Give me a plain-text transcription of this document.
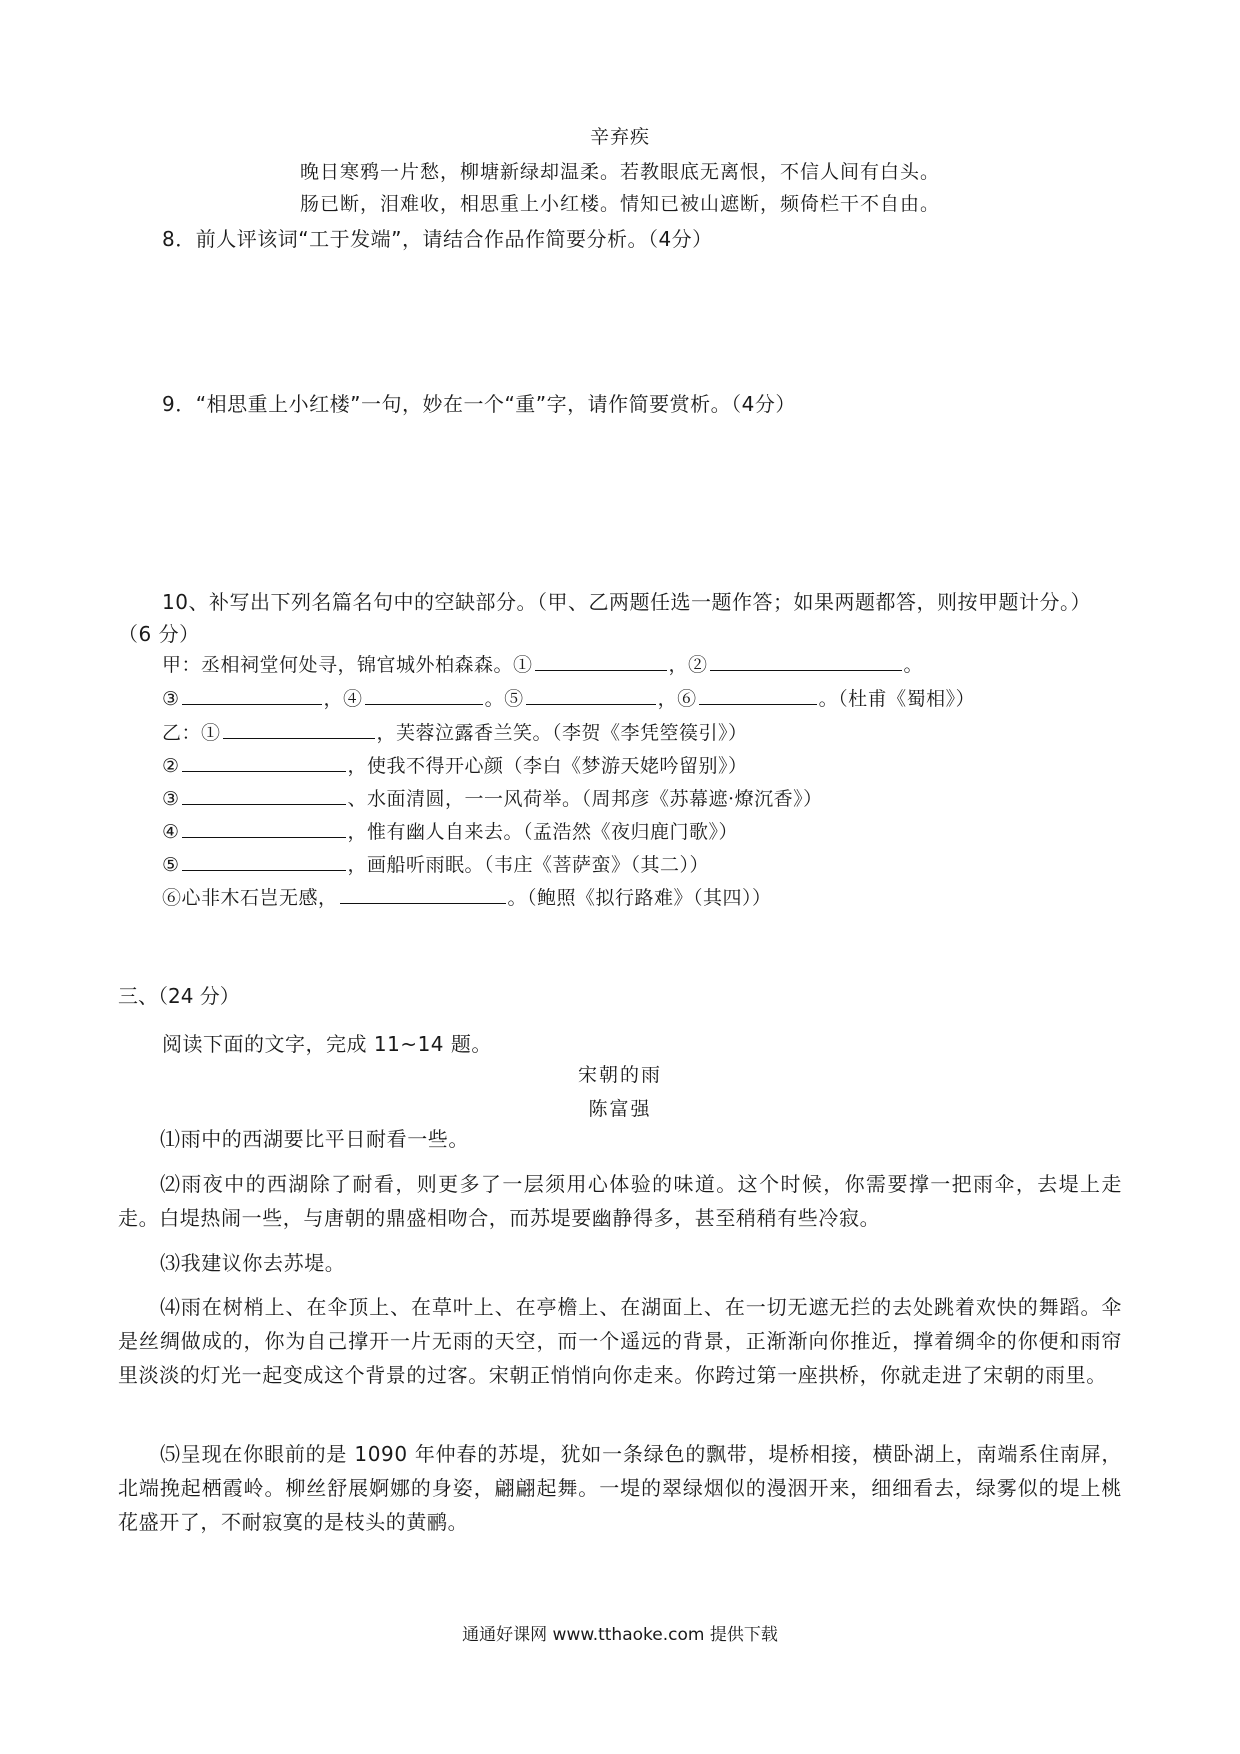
辛弃疾
晚日寒鸦一片愁，柳塘新绿却温柔。若教眼底无离恨，不信人间有白头。
肠已断，泪难收，相思重上小红楼。情知已被山遮断，频倚栏干不自由。
8．前人评该词“工于发端”，请结合作品作简要分析。（4分）
9．“相思重上小红楼”一句，妙在一个“重”字，请作简要赏析。（4分）
10、补写出下列名篇名句中的空缺部分。（甲、乙两题任选一题作答；如果两题都答，则按甲题计分。）
（6 分）
甲：丞相祠堂何处寻，锦官城外柏森森。①	，②	。
③	，④	。⑤	，⑥	。（杜甫《蜀相》）
乙：①	，芙蓉泣露香兰笑。（李贺《李凭箜篌引》）
②	，使我不得开心颜（李白《梦游天姥吟留别》）
③	、水面清圆，一一风荷举。（周邦彦《苏幕遮·燎沉香》）
④	，惟有幽人自来去。（孟浩然《夜归鹿门歌》）
⑤	，画船听雨眠。（韦庄《菩萨蛮》（其二））
⑥心非木石岂无感，	。（鲍照《拟行路难》（其四））
三、（24 分）
阅读下面的文字，完成 11~14 题。
宋朝的雨
陈富强
⑴雨中的西湖要比平日耐看一些。
⑵雨夜中的西湖除了耐看，则更多了一层须用心体验的味道。这个时候，你需要撑一把雨伞，去堤上走走。白堤热闹一些，与唐朝的鼎盛相吻合，而苏堤要幽静得多，甚至稍稍有些冷寂。
⑶我建议你去苏堤。
⑷雨在树梢上、在伞顶上、在草叶上、在亭檐上、在湖面上、在一切无遮无拦的去处跳着欢快的舞蹈。伞是丝绸做成的，你为自己撑开一片无雨的天空，而一个遥远的背景，正渐渐向你推近，撑着绸伞的你便和雨帘里淡淡的灯光一起变成这个背景的过客。宋朝正悄悄向你走来。你跨过第一座拱桥，你就走进了宋朝的雨里。
⑸呈现在你眼前的是 1090 年仲春的苏堤，犹如一条绿色的飘带，堤桥相接，横卧湖上，南端系住南屏，北端挽起栖霞岭。柳丝舒展婀娜的身姿，翩翩起舞。一堤的翠绿烟似的漫洇开来，细细看去，绿雾似的堤上桃花盛开了，不耐寂寞的是枝头的黄鹂。
通通好课网 www.tthaoke.com 提供下载
